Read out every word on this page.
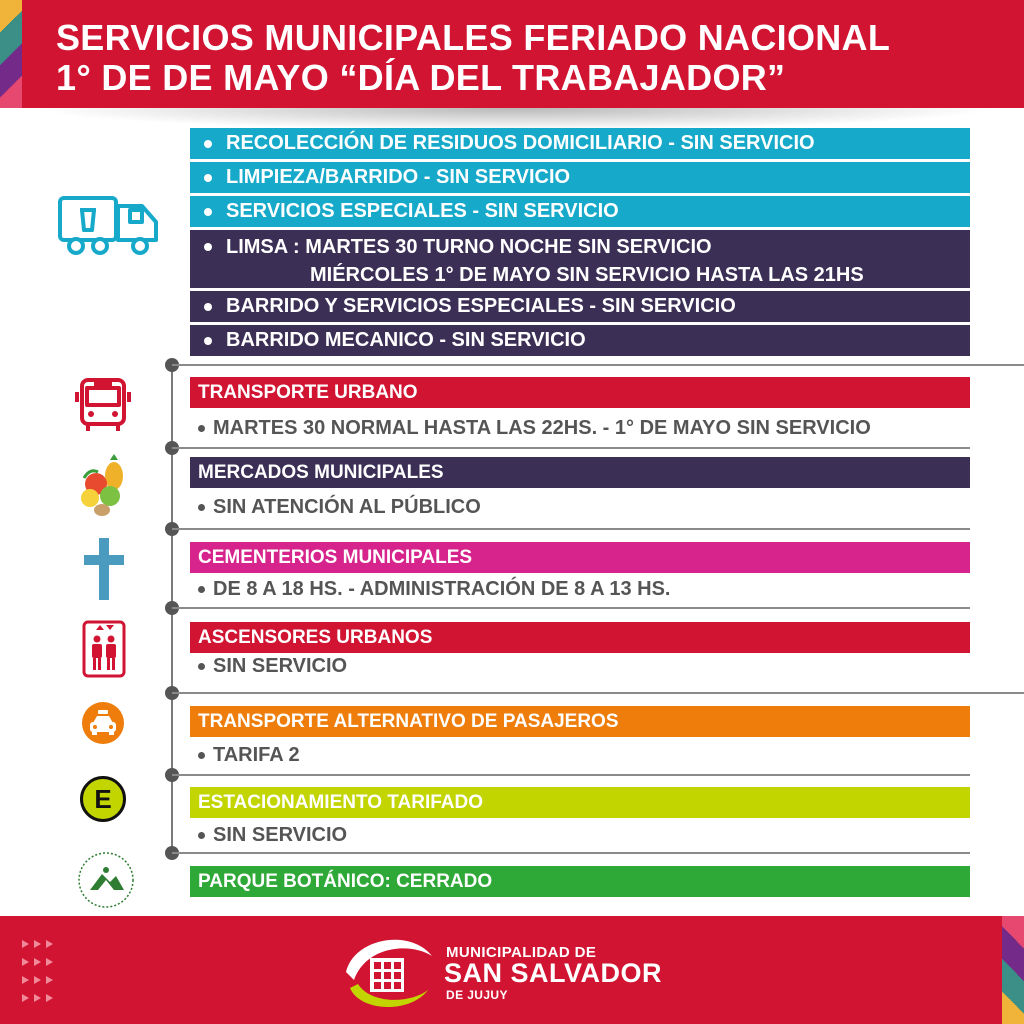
SERVICIOS MUNICIPALES FERIADO NACIONAL
1° DE DE MAYO “DÍA DEL TRABAJADOR”
RECOLECCIÓN DE RESIDUOS DOMICILIARIO - SIN SERVICIO
LIMPIEZA/BARRIDO - SIN SERVICIO
SERVICIOS ESPECIALES - SIN SERVICIO
LIMSA : MARTES 30 TURNO NOCHE SIN SERVICIO
MIÉRCOLES 1° DE MAYO SIN SERVICIO HASTA LAS 21HS
BARRIDO Y SERVICIOS ESPECIALES - SIN SERVICIO
BARRIDO MECANICO - SIN SERVICIO
TRANSPORTE URBANO
MARTES 30 NORMAL HASTA LAS 22HS. - 1° DE MAYO SIN SERVICIO
MERCADOS MUNICIPALES
SIN ATENCIÓN AL PÚBLICO
CEMENTERIOS MUNICIPALES
DE 8 A 18 HS. - ADMINISTRACIÓN DE 8 A 13 HS.
ASCENSORES URBANOS
SIN SERVICIO
TRANSPORTE ALTERNATIVO DE PASAJEROS
TARIFA 2
E	ESTACIONAMIENTO TARIFADO
SIN SERVICIO
PARQUE BOTÁNICO: CERRADO
MUNICIPALIDAD DE
SAN SALVADOR
DE JUJUY
